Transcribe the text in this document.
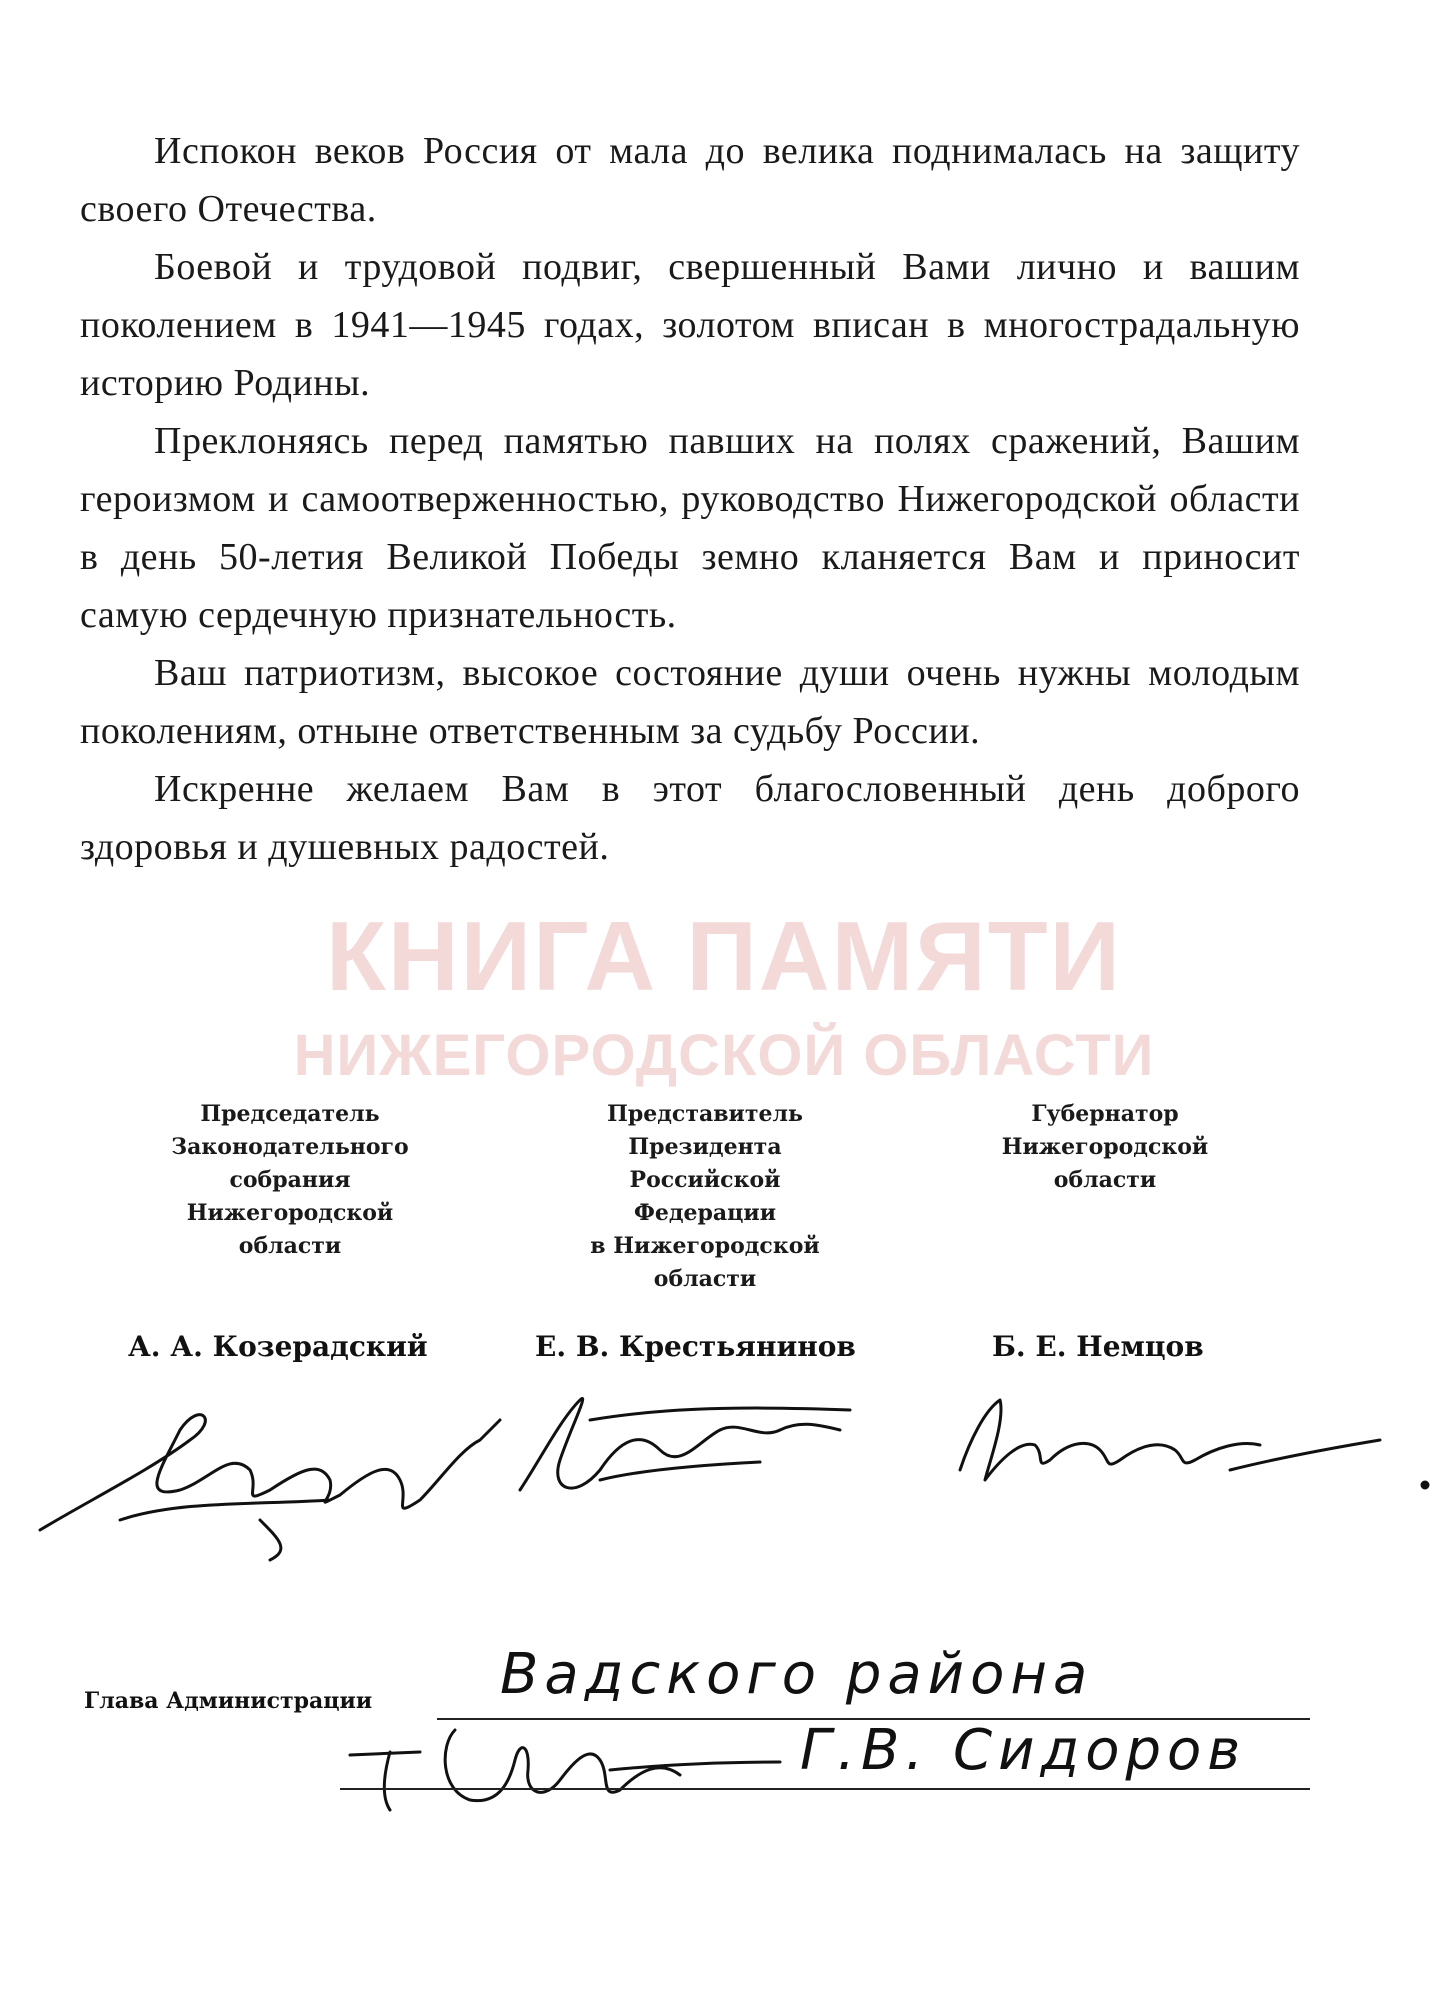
КНИГА ПАМЯТИ
НИЖЕГОРОДСКОЙ ОБЛАСТИ

Испокон веков Россия от мала до велика поднималась на защиту своего Отечества.

Боевой и трудовой подвиг, свершенный Вами лично и вашим поколением в 1941—1945 годах, золотом вписан в многострадальную историю Родины.

Преклоняясь перед памятью павших на полях сражений, Вашим героизмом и самоотверженностью, руководство Нижегородской области в день 50-летия Великой Победы земно кланяется Вам и приносит самую сердечную признательность.

Ваш патриотизм, высокое состояние души очень нужны молодым поколениям, отныне ответственным за судьбу России.

Искренне желаем Вам в этот благословенный день доброго здоровья и душевных радостей.

Председатель
Законодательного
собрания
Нижегородской
области
Представитель
Президента
Российской
Федерации
в Нижегородской
области
Губернатор
Нижегородской
области
А. А. Козерадский	Е. В. Крестьянинов	Б. Е. Немцов
Глава Администрации Вадского района
Г.В. Сидоров
